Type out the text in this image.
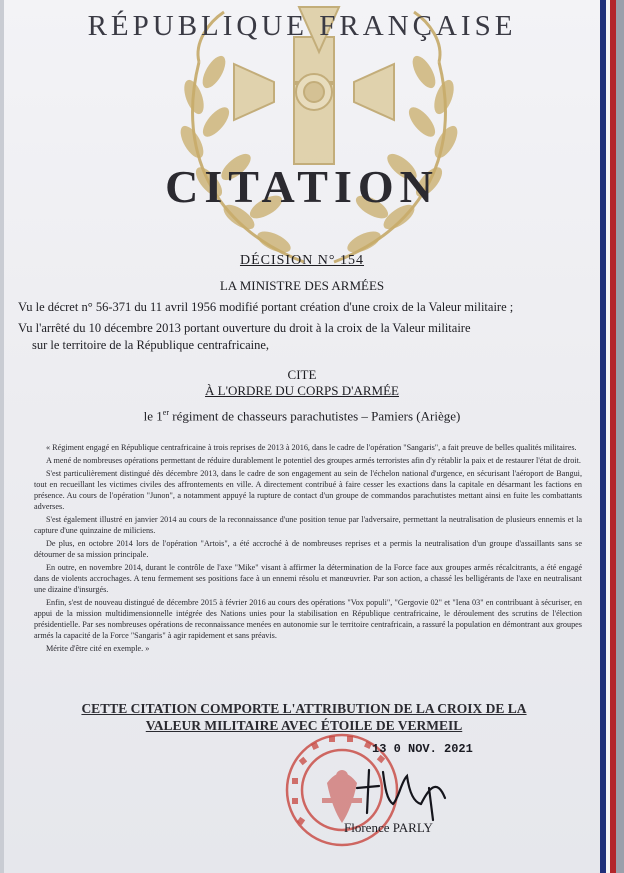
RÉPUBLIQUE FRANÇAISE
CITATION
DÉCISION N° 154
LA MINISTRE DES ARMÉES
Vu le décret n° 56-371 du 11 avril 1956 modifié portant création d'une croix de la Valeur militaire ;
Vu l'arrêté du 10 décembre 2013 portant ouverture du droit à la croix de la Valeur militaire
sur le territoire de la République centrafricaine,
CITE
À L'ORDRE DU CORPS D'ARMÉE
le 1er régiment de chasseurs parachutistes – Pamiers (Ariège)

« Régiment engagé en République centrafricaine à trois reprises de 2013 à 2016, dans le cadre de l'opération "Sangaris", a fait preuve de belles qualités militaires.

A mené de nombreuses opérations permettant de réduire durablement le potentiel des groupes armés terroristes afin d'y rétablir la paix et de restaurer l'état de droit.

S'est particulièrement distingué dès décembre 2013, dans le cadre de son engagement au sein de l'échelon national d'urgence, en sécurisant l'aéroport de Bangui, tout en recueillant les victimes civiles des affrontements en ville. A directement contribué à faire cesser les exactions dans la capitale en désarmant les factions en présence. Au cours de l'opération "Junon", a notamment appuyé la rupture de contact d'un groupe de commandos parachutistes mettant ainsi en fuite les combattants adverses.

S'est également illustré en janvier 2014 au cours de la reconnaissance d'une position tenue par l'adversaire, permettant la neutralisation de plusieurs ennemis et la capture d'une quinzaine de miliciens.

De plus, en octobre 2014 lors de l'opération "Artois", a été accroché à de nombreuses reprises et a permis la neutralisation d'un groupe d'assaillants sans se détourner de sa mission principale.

En outre, en novembre 2014, durant le contrôle de l'axe "Mike" visant à affirmer la détermination de la Force face aux groupes armés récalcitrants, a été engagé dans de violents accrochages. A tenu fermement ses positions face à un ennemi résolu et manœuvrier. Par son action, a chassé les belligérants de l'axe en neutralisant une dizaine d'insurgés.

Enfin, s'est de nouveau distingué de décembre 2015 à février 2016 au cours des opérations "Vox populi", "Gergovie 02" et "Iena 03" en contribuant à sécuriser, en appui de la mission multidimensionnelle intégrée des Nations unies pour la stabilisation en République centrafricaine, le déroulement des scrutins de l'élection présidentielle. Par ses nombreuses opérations de reconnaissance menées en autonomie sur le territoire centrafricain, a rassuré la population en démontrant aux groupes armés la capacité de la Force "Sangaris" à agir rapidement et sans préavis.

Mérite d'être cité en exemple. »

CETTE CITATION COMPORTE L'ATTRIBUTION DE LA CROIX DE LA
VALEUR MILITAIRE AVEC ÉTOILE DE VERMEIL
13 0 NOV. 2021
Florence PARLY
